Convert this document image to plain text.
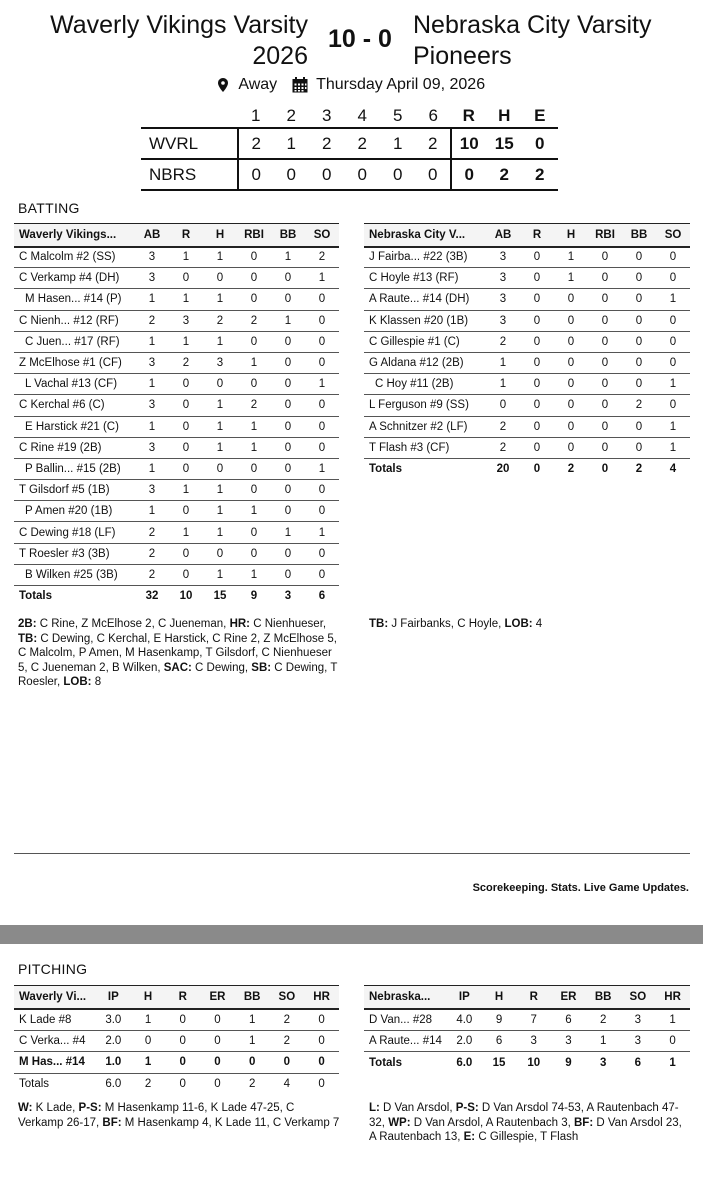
Waverly Vikings Varsity 2026
10 - 0 Nebraska City Varsity Pioneers
Away Thursday April 09, 2026
	1	2	3	4	5	6	R	H	E
WVRL	2	1	2	2	1	2	10	15	0
NBRS	0	0	0	0	0	0	0	2	2
BATTING
Waverly Vikings...	AB	R	H	RBI	BB	SO
C Malcolm #2 (SS)	3	1	1	0	1	2
C Verkamp #4 (DH)	3	0	0	0	0	1
M Hasen... #14 (P)	1	1	1	0	0	0
C Nienh... #12 (RF)	2	3	2	2	1	0
C Juen... #17 (RF)	1	1	1	0	0	0
Z McElhose #1 (CF)	3	2	3	1	0	0
L Vachal #13 (CF)	1	0	0	0	0	1
C Kerchal #6 (C)	3	0	1	2	0	0
E Harstick #21 (C)	1	0	1	1	0	0
C Rine #19 (2B)	3	0	1	1	0	0
P Ballin... #15 (2B)	1	0	0	0	0	1
T Gilsdorf #5 (1B)	3	1	1	0	0	0
P Amen #20 (1B)	1	0	1	1	0	0
C Dewing #18 (LF)	2	1	1	0	1	1
T Roesler #3 (3B)	2	0	0	0	0	0
B Wilken #25 (3B)	2	0	1	1	0	0
Totals	32	10	15	9	3	6
Nebraska City V...	AB	R	H	RBI	BB	SO
J Fairba... #22 (3B)	3	0	1	0	0	0
C Hoyle #13 (RF)	3	0	1	0	0	0
A Raute... #14 (DH)	3	0	0	0	0	1
K Klassen #20 (1B)	3	0	0	0	0	0
C Gillespie #1 (C)	2	0	0	0	0	0
G Aldana #12 (2B)	1	0	0	0	0	0
C Hoy #11 (2B)	1	0	0	0	0	1
L Ferguson #9 (SS)	0	0	0	0	2	0
A Schnitzer #2 (LF)	2	0	0	0	0	1
T Flash #3 (CF)	2	0	0	0	0	1
Totals	20	0	2	0	2	4
2B: C Rine, Z McElhose 2, C Jueneman, HR: C Nienhueser, TB: C Dewing, C Kerchal, E Harstick, C Rine 2, Z McElhose 5, C Malcolm, P Amen, M Hasenkamp, T Gilsdorf, C Nienhueser 5, C Jueneman 2, B Wilken, SAC: C Dewing, SB: C Dewing, T Roesler, LOB: 8
TB: J Fairbanks, C Hoyle, LOB: 4
Scorekeeping. Stats. Live Game Updates.
PITCHING
Waverly Vi...	IP	H	R	ER	BB	SO	HR
K Lade #8	3.0	1	0	0	1	2	0
C Verka... #4	2.0	0	0	0	1	2	0
M Has... #14	1.0	1	0	0	0	0	0
Totals	6.0	2	0	0	2	4	0
Nebraska...	IP	H	R	ER	BB	SO	HR
D Van... #28	4.0	9	7	6	2	3	1
A Raute... #14	2.0	6	3	3	1	3	0
Totals	6.0	15	10	9	3	6	1
W: K Lade, P-S: M Hasenkamp 11-6, K Lade 47-25, C Verkamp 26-17, BF: M Hasenkamp 4, K Lade 11, C Verkamp 7
L: D Van Arsdol, P-S: D Van Arsdol 74-53, A Rautenbach 47-32, WP: D Van Arsdol, A Rautenbach 3, BF: D Van Arsdol 23, A Rautenbach 13, E: C Gillespie, T Flash
